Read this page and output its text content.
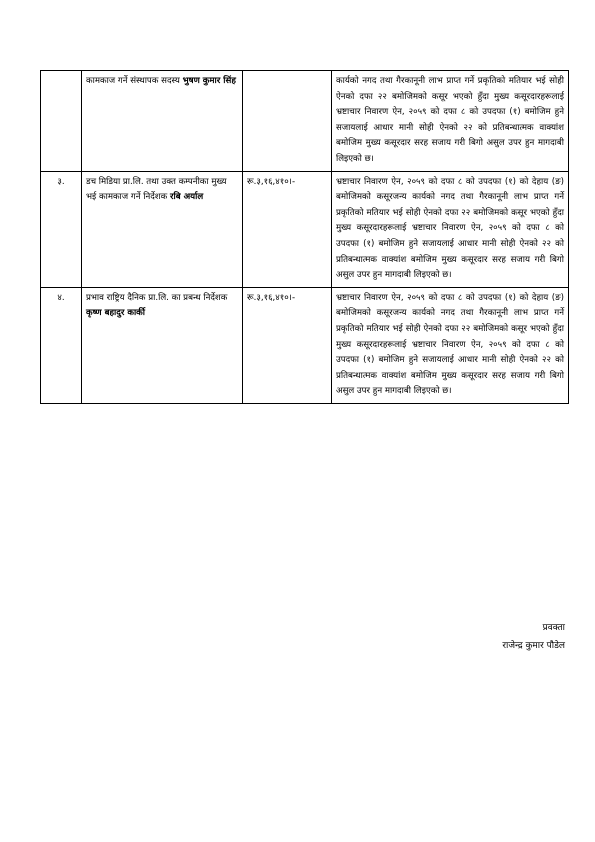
	कामकाज गर्ने संस्थापक सदस्य भुषण कुमार सिंह		कार्यको नगद तथा गैरकानूनी लाभ प्राप्त गर्ने प्रकृतिको मतियार भई सोही ऐनको दफा २२ बमोजिमको कसूर भएको हुँदा मुख्य कसूरदारहरूलाई भ्रष्टाचार निवारण ऐन, २०५९ को दफा ८ को उपदफा (१) बमोजिम हुने सजायलाई आधार मानी सोही ऐनको २२ को प्रतिबन्धात्मक वाक्यांश बमोजिम मुख्य कसूरदार सरह सजाय गरी बिगो असुल उपर हुन मागदाबी लिइएको छ।
३.	डच मिडिया प्रा.लि. तथा उक्त कम्पनीका मुख्य भई कामकाज गर्ने निर्देशक रबि अर्याल	रू.३,१६,४१०।-	भ्रष्टाचार निवारण ऐन, २०५९ को दफा ८ को उपदफा (१) को देहाय (ङ) बमोजिमको कसूरजन्य कार्यको नगद तथा गैरकानूनी लाभ प्राप्त गर्ने प्रकृतिको मतियार भई सोही ऐनको दफा २२ बमोजिमको कसूर भएको हुँदा मुख्य कसूरदारहरूलाई भ्रष्टाचार निवारण ऐन, २०५९ को दफा ८ को उपदफा (१) बमोजिम हुने सजायलाई आधार मानी सोही ऐनको २२ को प्रतिबन्धात्मक वाक्यांश बमोजिम मुख्य कसूरदार सरह सजाय गरी बिगो असुल उपर हुन मागदाबी लिइएको छ।
४.	प्रभाव राष्ट्रिय दैनिक प्रा.लि. का प्रबन्ध निर्देशक कृष्ण बहादुर कार्की	रू.३,१६,४१०।-	भ्रष्टाचार निवारण ऐन, २०५९ को दफा ८ को उपदफा (१) को देहाय (ङ) बमोजिमको कसूरजन्य कार्यको नगद तथा गैरकानूनी लाभ प्राप्त गर्ने प्रकृतिको मतियार भई सोही ऐनको दफा २२ बमोजिमको कसूर भएको हुँदा मुख्य कसूरदारहरूलाई भ्रष्टाचार निवारण ऐन, २०५९ को दफा ८ को उपदफा (१) बमोजिम हुने सजायलाई आधार मानी सोही ऐनको २२ को प्रतिबन्धात्मक वाक्यांश बमोजिम मुख्य कसूरदार सरह सजाय गरी बिगो असुल उपर हुन मागदाबी लिइएको छ।
प्रवक्ता
राजेन्द्र कुमार पौडेल
